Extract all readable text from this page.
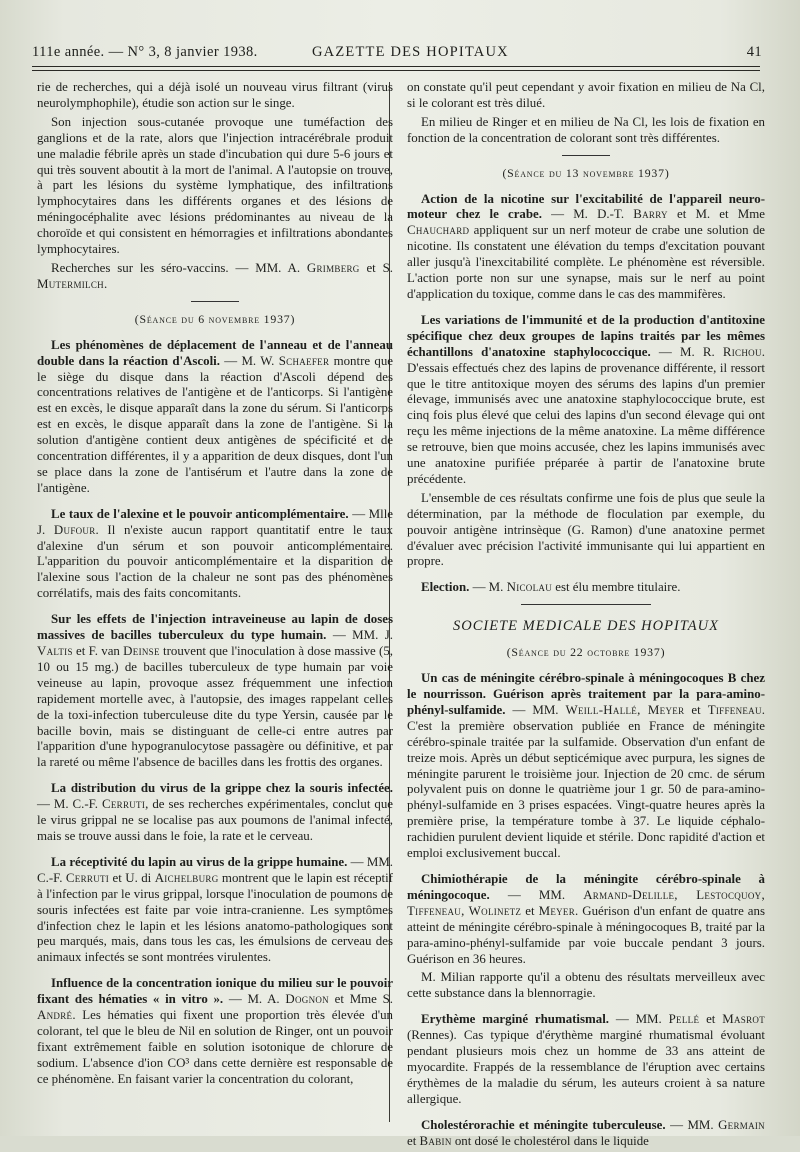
111e année. — N° 3, 8 janvier 1938.	GAZETTE DES HOPITAUX	41

rie de recherches, qui a déjà isolé un nouveau virus filtrant (virus neurolymphophile), étudie son action sur le singe.

Son injection sous-cutanée provoque une tuméfaction des ganglions et de la rate, alors que l'injection intracérébrale produit une maladie fébrile après un stade d'incubation qui dure 5-6 jours et qui très souvent aboutit à la mort de l'animal. A l'autopsie on trouve, à part les lésions du système lymphatique, des infiltrations lymphocytaires dans les différents organes et des lésions de méningocéphalite avec lésions prédominantes au niveau de la choroïde et qui consistent en hémorragies et infiltrations abondantes lymphocytaires.

Recherches sur les séro-vaccins. — MM. A. Grimberg et S. Mutermilch.

(Séance du 6 novembre 1937)

Les phénomènes de déplacement de l'anneau et de l'anneau double dans la réaction d'Ascoli. — M. W. Schaefer montre que le siège du disque dans la réaction d'Ascoli dépend des concentrations relatives de l'antigène et de l'anticorps. Si l'antigène est en excès, le disque apparaît dans la zone du sérum. Si l'anticorps est en excès, le disque apparaît dans la zone de l'antigène. Si la solution d'antigène contient deux antigènes de spécificité et de concentration différentes, il y a apparition de deux disques, dont l'un se place dans la zone de l'antisérum et l'autre dans la zone de l'antigène.

Le taux de l'alexine et le pouvoir anticomplémentaire. — Mlle J. Dufour. Il n'existe aucun rapport quantitatif entre le taux d'alexine d'un sérum et son pouvoir anticomplémentaire. L'apparition du pouvoir anticomplémentaire et la disparition de l'alexine sous l'action de la chaleur ne sont pas des phénomènes corrélatifs, mais des faits concomitants.

Sur les effets de l'injection intraveineuse au lapin de doses massives de bacilles tuberculeux du type humain. — MM. J. Valtis et F. van Deinse trouvent que l'inoculation à dose massive (5, 10 ou 15 mg.) de bacilles tuberculeux de type humain par voie veineuse au lapin, provoque assez fréquemment une infection rapidement mortelle avec, à l'autopsie, des images rappelant celles de la toxi-infection tuberculeuse dite du type Yersin, causée par le bacille bovin, mais se distinguant de celle-ci entre autres par l'apparition d'une hypogranulocytose passagère ou définitive, et par la rareté ou même l'absence de bacilles dans les frottis des organes.

La distribution du virus de la grippe chez la souris infectée. — M. C.-F. Cerruti, de ses recherches expérimentales, conclut que le virus grippal ne se localise pas aux poumons de l'animal infecté, mais se trouve aussi dans le foie, la rate et le cerveau.

La réceptivité du lapin au virus de la grippe humaine. — MM. C.-F. Cerruti et U. di Aichelburg montrent que le lapin est réceptif à l'infection par le virus grippal, lorsque l'inoculation de poumons de souris infectées est faite par voie intra-cranienne. Les symptômes d'infection chez le lapin et les lésions anatomo-pathologiques sont peu marqués, mais, dans tous les cas, les émulsions de cerveau des animaux infectés se sont montrées virulentes.

Influence de la concentration ionique du milieu sur le pouvoir fixant des hématies « in vitro ». — M. A. Dognon et Mme S. André. Les hématies qui fixent une proportion très élevée d'un colorant, tel que le bleu de Nil en solution de Ringer, ont un pouvoir fixant extrêmement faible en solution isotonique de chlorure de sodium. L'absence d'ion CO³ dans cette dernière est responsable de ce phénomène. En faisant varier la concentration du colorant,

on constate qu'il peut cependant y avoir fixation en milieu de Na Cl, si le colorant est très dilué.

En milieu de Ringer et en milieu de Na Cl, les lois de fixation en fonction de la concentration de colorant sont très différentes.

(Séance du 13 novembre 1937)

Action de la nicotine sur l'excitabilité de l'appareil neuro-moteur chez le crabe. — M. D.-T. Barry et M. et Mme Chauchard appliquent sur un nerf moteur de crabe une solution de nicotine. Ils constatent une élévation du temps d'excitation pouvant aller jusqu'à l'inexcitabilité complète. Le phénomène est réversible. L'action porte non sur une synapse, mais sur le nerf au point d'application du toxique, comme dans le cas des mammifères.

Les variations de l'immunité et de la production d'antitoxine spécifique chez deux groupes de lapins traités par les mêmes échantillons d'anatoxine staphylococcique. — M. R. Richou. D'essais effectués chez des lapins de provenance différente, il ressort que le titre antitoxique moyen des sérums des lapins d'un premier élevage, immunisés avec une anatoxine staphylococcique brute, est cinq fois plus élevé que celui des lapins d'un second élevage qui ont reçu les même injections de la même anatoxine. La même différence se retrouve, bien que moins accusée, chez les lapins immunisés avec une anatoxine purifiée préparée à partir de l'anatoxine brute précédente.

L'ensemble de ces résultats confirme une fois de plus que seule la détermination, par la méthode de floculation par exemple, du pouvoir antigène intrinsèque (G. Ramon) d'une anatoxine permet d'évaluer avec précision l'activité immunisante qui lui appartient en propre.

Election. — M. Nicolau est élu membre titulaire.

SOCIETE MEDICALE DES HOPITAUX

(Séance du 22 octobre 1937)

Un cas de méningite cérébro-spinale à méningocoques B chez le nourrisson. Guérison après traitement par la para-amino-phényl-sulfamide. — MM. Weill-Hallé, Meyer et Tiffeneau. C'est la première observation publiée en France de méningite cérébro-spinale traitée par la sulfamide. Observation d'un enfant de treize mois. Après un début septicémique avec purpura, les signes de méningite parurent le troisième jour. Injection de 20 cmc. de sérum polyvalent puis on donne le quatrième jour 1 gr. 50 de para-amino-phényl-sulfamide en 3 prises espacées. Vingt-quatre heures après la première prise, la température tombe à 37. Le liquide céphalo-rachidien purulent devient liquide et stérile. Donc rapidité d'action et emploi exclusivement buccal.

Chimiothérapie de la méningite cérébro-spinale à méningocoque. — MM. Armand-Delille, Lestocquoy, Tiffeneau, Wolinetz et Meyer. Guérison d'un enfant de quatre ans atteint de méningite cérébro-spinale à méningocoques B, traité par la para-amino-phényl-sulfamide par voie buccale pendant 3 jours. Guérison en 36 heures.

M. Milian rapporte qu'il a obtenu des résultats merveilleux avec cette substance dans la blennorragie.

Erythème marginé rhumatismal. — MM. Pellé et Masrot (Rennes). Cas typique d'érythème marginé rhumatismal évoluant pendant plusieurs mois chez un homme de 33 ans atteint de myocardite. Frappés de la ressemblance de l'éruption avec certains érythèmes de la maladie du sérum, les auteurs croient à sa nature allergique.

Cholestérorachie et méningite tuberculeuse. — MM. Germain et Babin ont dosé le cholestérol dans le liquide
